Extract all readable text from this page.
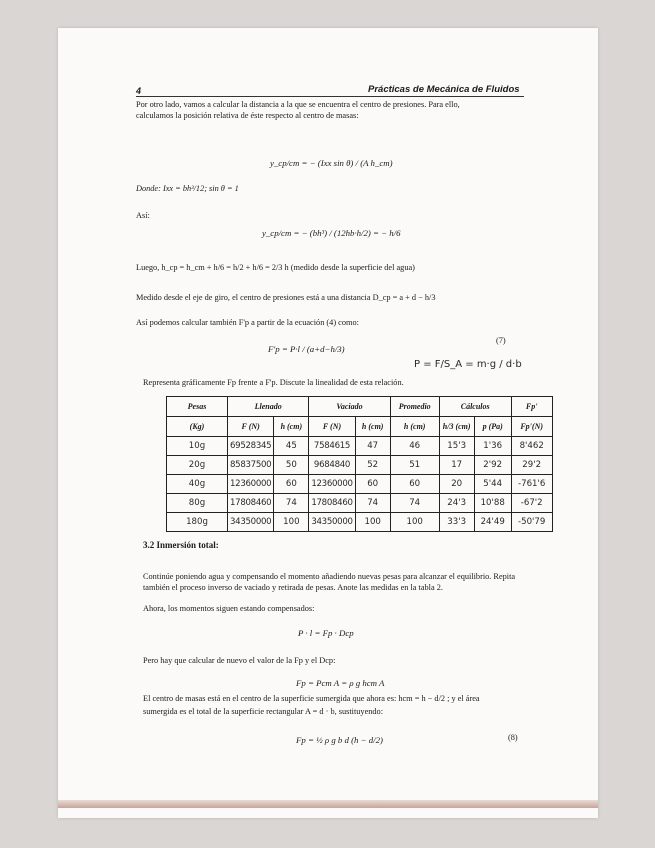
4	Prácticas de Mecánica de Fluidos
Por otro lado, vamos a calcular la distancia a la que se encuentra el centro de presiones. Para ello,
calculamos la posición relativa de éste respecto al centro de masas:
y_cp/cm = − (Ixx sin θ) / (A h_cm)
Donde: Ixx = bh³/12; sin θ = 1
Así:
y_cp/cm = − (bh³) / (12hb·h/2) = − h/6
Luego, h_cp = h_cm + h/6 = h/2 + h/6 = 2/3 h (medido desde la superficie del agua)
Medido desde el eje de giro, el centro de presiones está a una distancia D_cp = a + d − h/3
Así podemos calcular también F'p a partir de la ecuación (4) como:
F'p = P·l / (a+d−h/3)
(7)
P = F/S_A = m·g / d·b
Representa gráficamente Fp frente a F'p. Discute la linealidad de esta relación.
Pesas	Llenado		Vaciado		Promedio	Cálculos		Fp'
(Kg)	F (N)	h (cm)	F (N)	h (cm)	h (cm)	h/3 (cm)	p (Pa)	Fp'(N)
10g	69528345	45	7584615	47	46	15'3	1'36	8'462
20g	85837500	50	9684840	52	51	17	2'92	29'2
40g	12360000	60	12360000	60	60	20	5'44	-761'6
80g	17808460	74	17808460	74	74	24'3	10'88	-67'2
180g	34350000	100	34350000	100	100	33'3	24'49	-50'79
3.2 Inmersión total:
Continúe poniendo agua y compensando el momento añadiendo nuevas pesas para alcanzar el equilibrio. Repita también el proceso inverso de vaciado y retirada de pesas. Anote las medidas en la tabla 2.
Ahora, los momentos siguen estando compensados:
P · l = Fp · Dcp
Pero hay que calcular de nuevo el valor de la Fp y el Dcp:
Fp = Pcm A = ρ g hcm A
El centro de masas está en el centro de la superficie sumergida que ahora es: hcm = h − d/2 ; y el área
sumergida es el total de la superficie rectangular A = d · b, sustituyendo:
Fp = ½ ρ g b d (h − d/2)	(8)
